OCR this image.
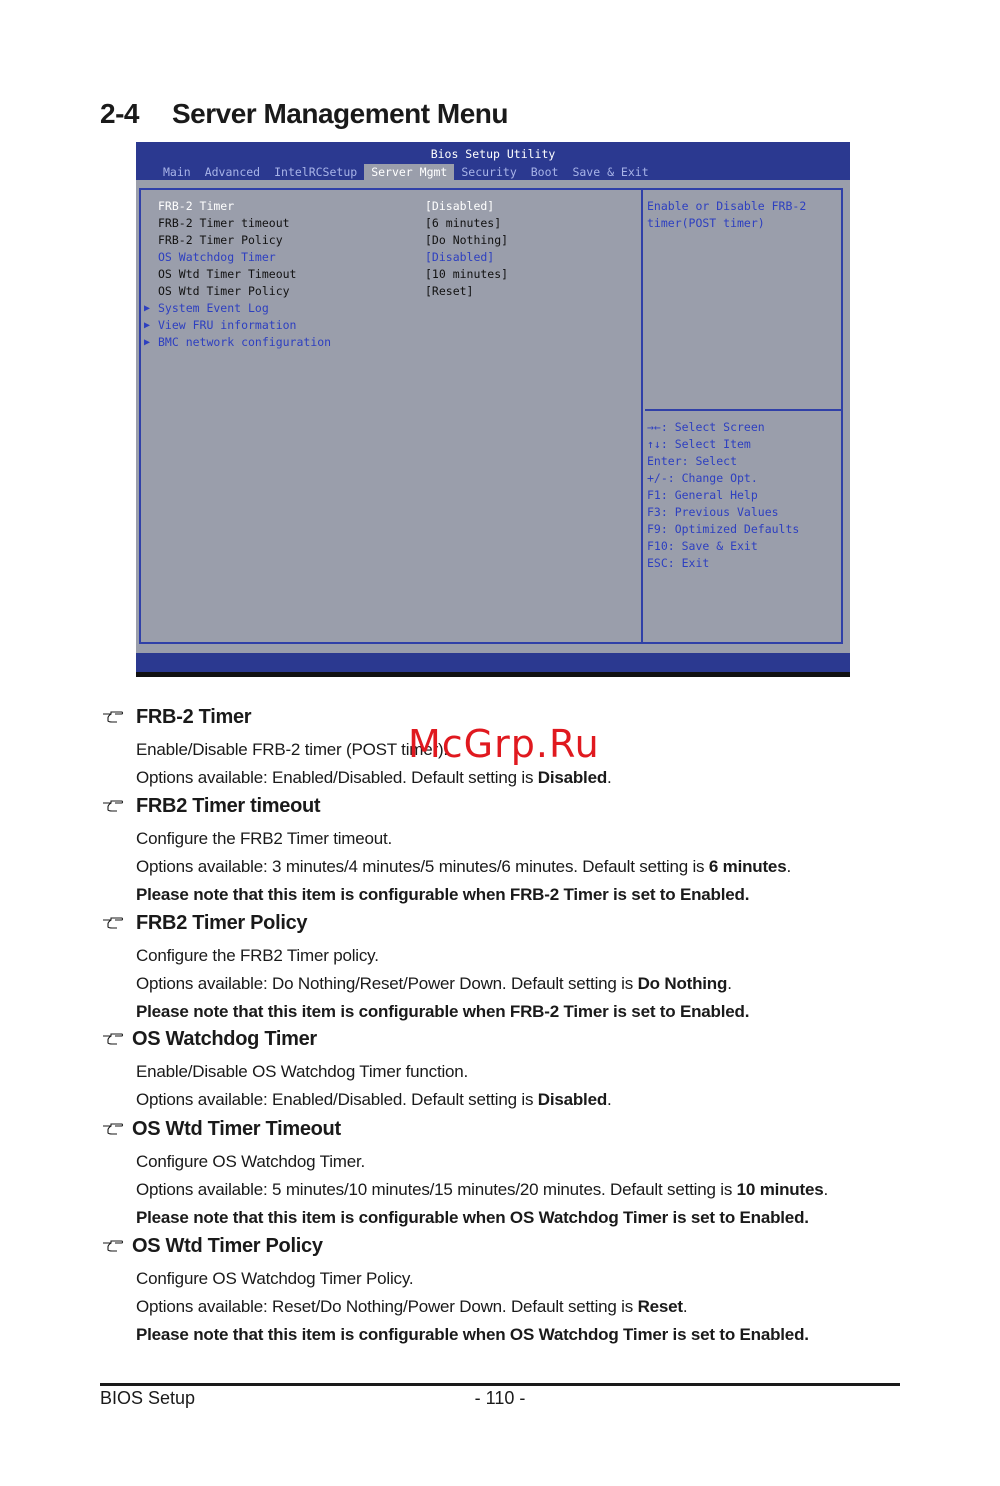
2-4 Server Management Menu
Bios Setup Utility
Main	Advanced	IntelRCSetup	Server Mgmt	Security	Boot	Save & Exit
FRB-2 Timer	[Disabled]
FRB-2 Timer timeout	[6 minutes]
FRB-2 Timer Policy	[Do Nothing]
OS Watchdog Timer	[Disabled]
OS Wtd Timer Timeout	[10 minutes]
OS Wtd Timer Policy	[Reset]
▶ System Event Log
▶ View FRU information
▶ BMC network configuration
Enable or Disable FRB-2
timer(POST timer)
→←: Select Screen
↑↓: Select Item
Enter: Select
+/-: Change Opt.
F1: General Help
F3: Previous Values
F9: Optimized Defaults
F10: Save & Exit
ESC: Exit
FRB-2 Timer
Enable/Disable FRB-2 timer (POST timer).
Options available: Enabled/Disabled. Default setting is Disabled.
FRB2 Timer timeout
Configure the FRB2 Timer timeout.
Options available: 3 minutes/4 minutes/5 minutes/6 minutes. Default setting is 6 minutes.
Please note that this item is configurable when FRB-2 Timer is set to Enabled.
FRB2 Timer Policy
Configure the FRB2 Timer policy.
Options available: Do Nothing/Reset/Power Down. Default setting is Do Nothing.
Please note that this item is configurable when FRB-2 Timer is set to Enabled.
OS Watchdog Timer
Enable/Disable OS Watchdog Timer function.
Options available: Enabled/Disabled. Default setting is Disabled.
OS Wtd Timer Timeout
Configure OS Watchdog Timer.
Options available: 5 minutes/10 minutes/15 minutes/20 minutes. Default setting is 10 minutes.
Please note that this item is configurable when OS Watchdog Timer is set to Enabled.
OS Wtd Timer Policy
Configure OS Watchdog Timer Policy.
Options available: Reset/Do Nothing/Power Down. Default setting is Reset.
Please note that this item is configurable when OS Watchdog Timer is set to Enabled.
McGrp.Ru
BIOS Setup	- 110 -
